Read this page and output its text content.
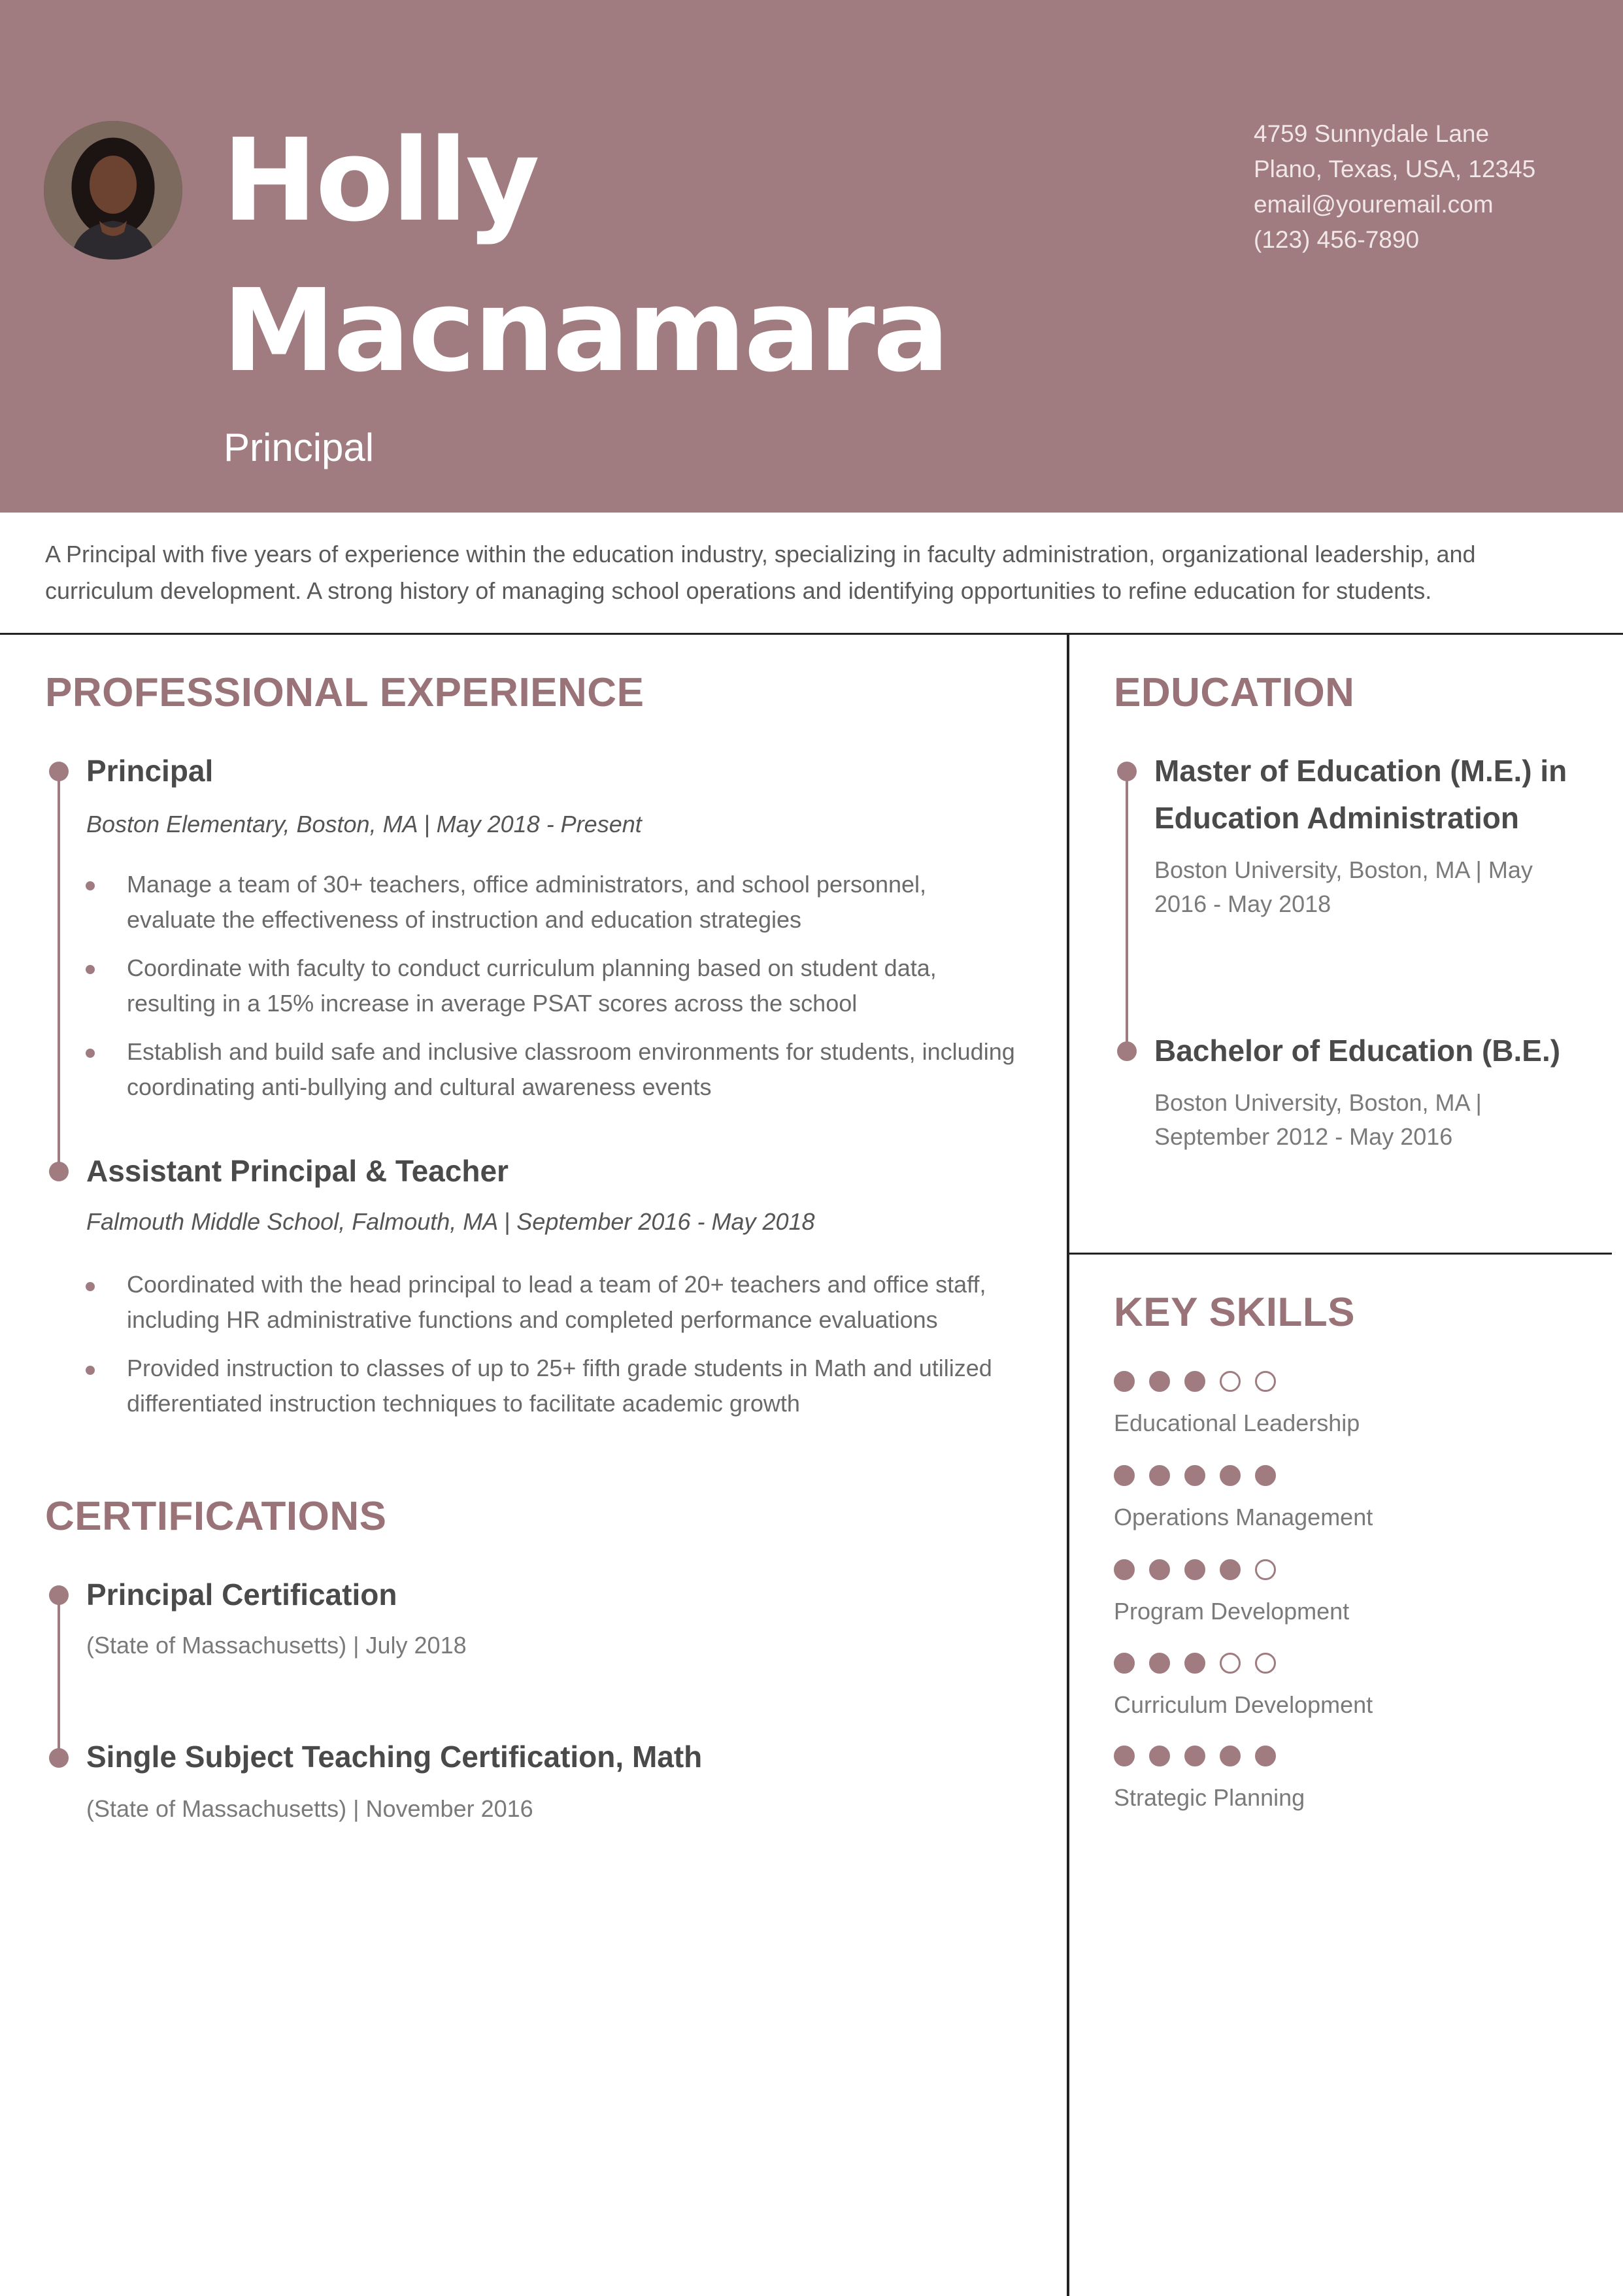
Holly
Macnamara
Principal
4759 Sunnydale Lane
Plano, Texas, USA, 12345
email@youremail.com
(123) 456-7890
A Principal with five years of experience within the education industry, specializing in faculty administration, organizational leadership, and curriculum development. A strong history of managing school operations and identifying opportunities to refine education for students.
PROFESSIONAL EXPERIENCE
Principal
Boston Elementary, Boston, MA | May 2018 - Present
Manage a team of 30+ teachers, office administrators, and school personnel, evaluate the effectiveness of instruction and education strategies
Coordinate with faculty to conduct curriculum planning based on student data, resulting in a 15% increase in average PSAT scores across the school
Establish and build safe and inclusive classroom environments for students, including coordinating anti-bullying and cultural awareness events
Assistant Principal & Teacher
Falmouth Middle School, Falmouth, MA | September 2016 - May 2018
Coordinated with the head principal to lead a team of 20+ teachers and office staff, including HR administrative functions and completed performance evaluations
Provided instruction to classes of up to 25+ fifth grade students in Math and utilized differentiated instruction techniques to facilitate academic growth
CERTIFICATIONS
Principal Certification
(State of Massachusetts) | July 2018
Single Subject Teaching Certification, Math
(State of Massachusetts) | November 2016
EDUCATION
Master of Education (M.E.) in
Education Administration
Boston University, Boston, MA | May
2016 - May 2018
Bachelor of Education (B.E.)
Boston University, Boston, MA |
September 2012 - May 2016
KEY SKILLS
Educational Leadership
Operations Management
Program Development
Curriculum Development
Strategic Planning
